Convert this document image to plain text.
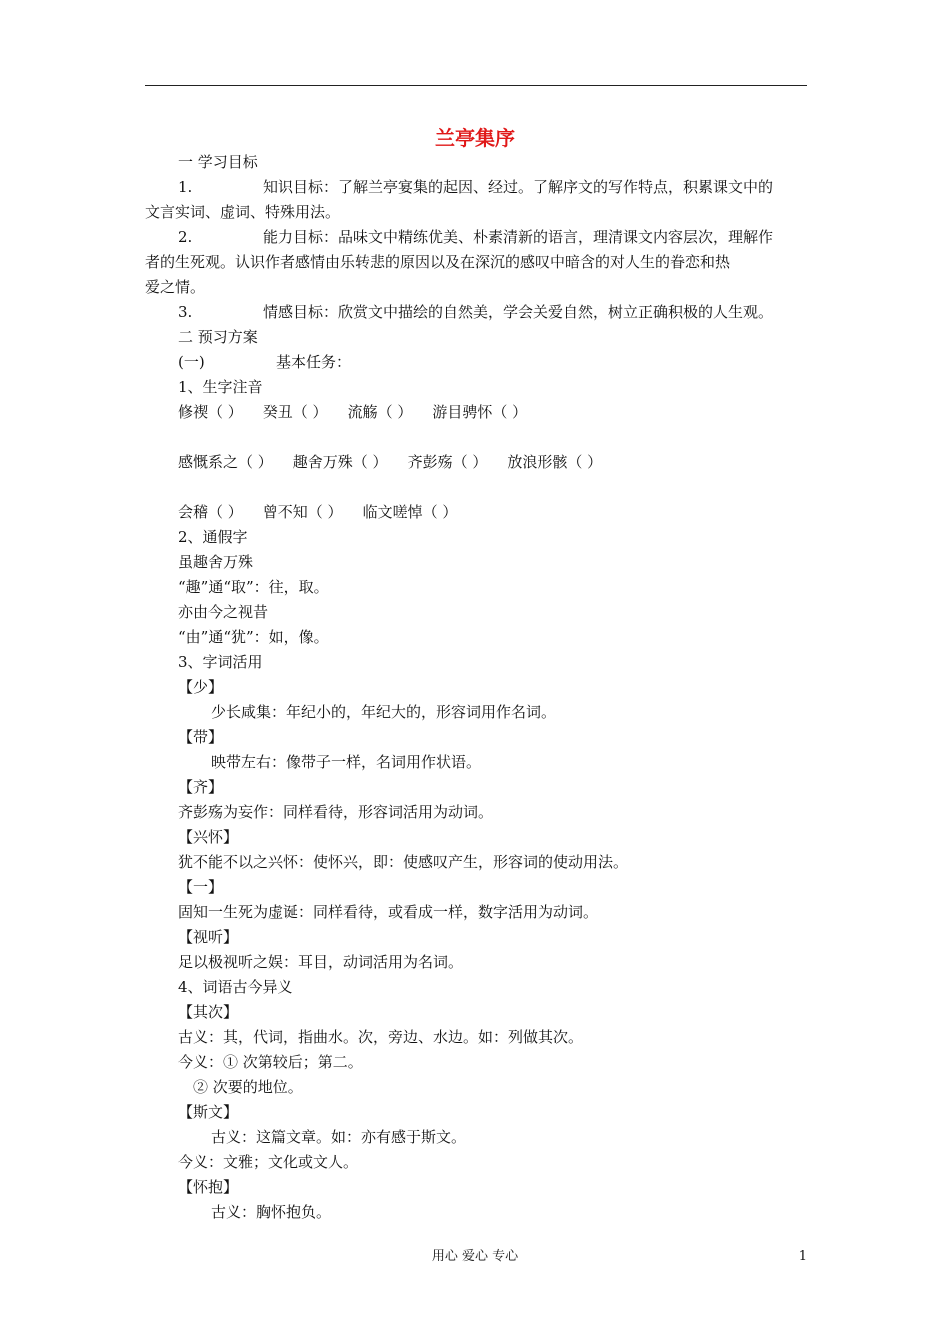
兰亭集序
一 学习目标
1.	知识目标：了解兰亭宴集的起因、经过。了解序文的写作特点，积累课文中的
文言实词、虚词、特殊用法。
2.	能力目标：品味文中精练优美、朴素清新的语言，理清课文内容层次，理解作
者的生死观。认识作者感情由乐转悲的原因以及在深沉的感叹中暗含的对人生的眷恋和热
爱之情。
3.	情感目标：欣赏文中描绘的自然美，学会关爱自然，树立正确积极的人生观。
二 预习方案
(一)	基本任务：
1、生字注音
修禊（ ） 癸丑（ ） 流觞（ ） 游目骋怀（ ）
感慨系之（ ） 趣舍万殊（ ） 齐彭殇（ ） 放浪形骸（ ）
会稽（ ） 曾不知（ ） 临文嗟悼（ ）
2、通假字
虽趣舍万殊
“趣”通“取”：往，取。
亦由今之视昔
“由”通“犹”：如，像。
3、字词活用
【少】
少长咸集：年纪小的，年纪大的，形容词用作名词。
【带】
映带左右：像带子一样，名词用作状语。
【齐】
齐彭殇为妄作：同样看待，形容词活用为动词。
【兴怀】
犹不能不以之兴怀：使怀兴，即：使感叹产生，形容词的使动用法。
【一】
固知一生死为虚诞：同样看待，或看成一样，数字活用为动词。
【视听】
足以极视听之娱：耳目，动词活用为名词。
4、词语古今异义
【其次】
古义：其，代词，指曲水。次，旁边、水边。如：列做其次。
今义：① 次第较后；第二。
② 次要的地位。
【斯文】
古义：这篇文章。如：亦有感于斯文。
今义：文雅；文化或文人。
【怀抱】
古义：胸怀抱负。
用心 爱心 专心	1
